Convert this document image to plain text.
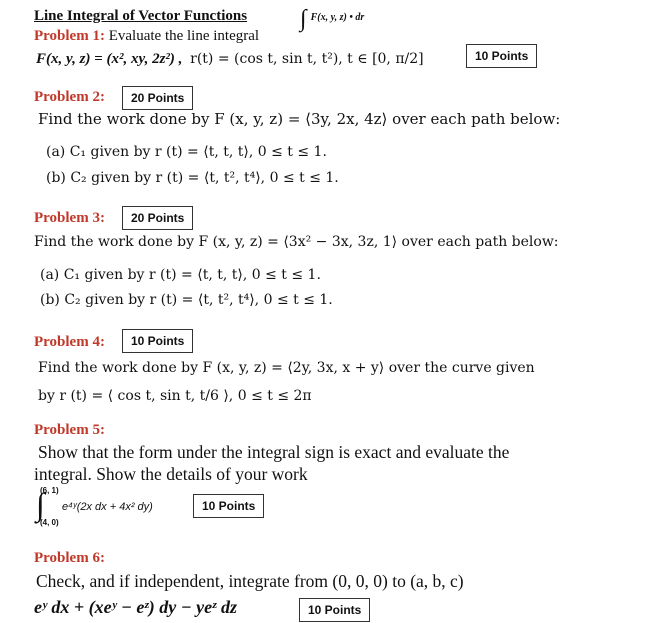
Line Integral of Vector Functions ∫ $^{F(x, y, z) • dr}$
Problem 1: Evaluate the line integral
F(x, y, z) = (x², xy, 2z²) , r(t) = (cos t, sin t, t²), t ∈ [0, π/2]	10 Points
Problem 2:	20 Points
Find the work done by F (x, y, z) = ⟨3y, 2x, 4z⟩ over each path below:
(a) C₁ given by r (t) = ⟨t, t, t⟩, 0 ≤ t ≤ 1.
(b) C₂ given by r (t) = ⟨t, t², t⁴⟩, 0 ≤ t ≤ 1.
Problem 3:	20 Points
Find the work done by F (x, y, z) = ⟨3x² − 3x, 3z, 1⟩ over each path below:
(a) C₁ given by r (t) = ⟨t, t, t⟩, 0 ≤ t ≤ 1.
(b) C₂ given by r (t) = ⟨t, t², t⁴⟩, 0 ≤ t ≤ 1.
Problem 4:	10 Points
Find the work done by F (x, y, z) = ⟨2y, 3x, x + y⟩ over the curve given
by r (t) = ⟨ cos t, sin t, t/6 ⟩, 0 ≤ t ≤ 2π
Problem 5:
Show that the form under the integral sign is exact and evaluate the
integral. Show the details of your work
∫
(6, 1)
(4, 0)
e⁴ʸ(2x dx + 4x² dy)	10 Points
Problem 6:
Check, and if independent, integrate from (0, 0, 0) to (a, b, c)
eʸ dx + (xeʸ − eᶻ) dy − yeᶻ dz	10 Points
